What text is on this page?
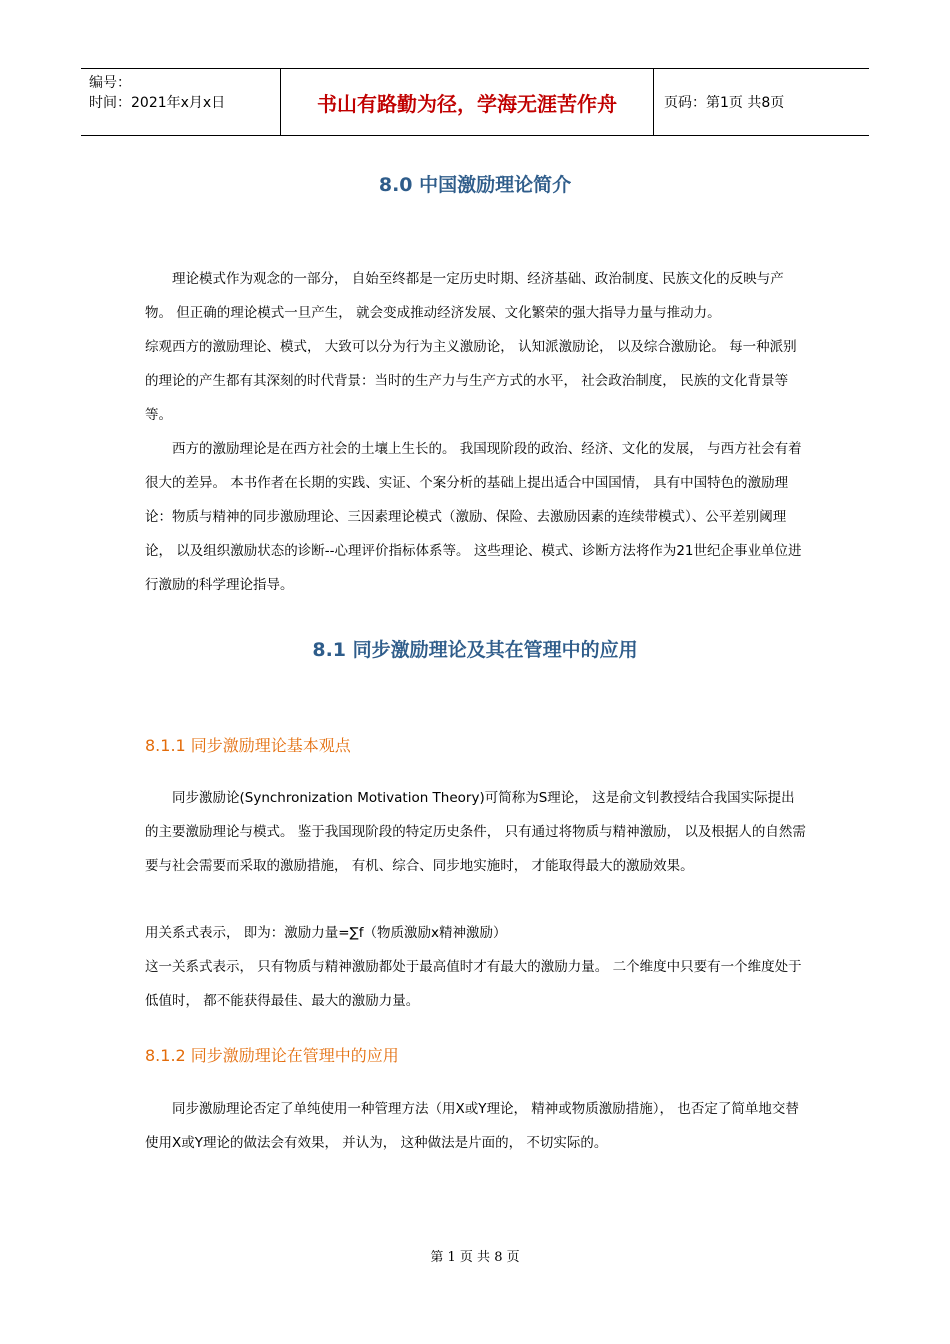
编号：
时间：2021年x月x日	书山有路勤为径，学海无涯苦作舟	页码：第1页 共8页
8.0 中国激励理论简介

理论模式作为观念的一部分， 自始至终都是一定历史时期、经济基础、政治制度、民族文化的反映与产物。 但正确的理论模式一旦产生， 就会变成推动经济发展、文化繁荣的强大指导力量与推动力。

综观西方的激励理论、模式， 大致可以分为行为主义激励论， 认知派激励论， 以及综合激励论。 每一种派别的理论的产生都有其深刻的时代背景：当时的生产力与生产方式的水平， 社会政治制度， 民族的文化背景等等。

西方的激励理论是在西方社会的土壤上生长的。 我国现阶段的政治、经济、文化的发展， 与西方社会有着很大的差异。 本书作者在长期的实践、实证、个案分析的基础上提出适合中国国情， 具有中国特色的激励理论：物质与精神的同步激励理论、三因素理论模式（激励、保险、去激励因素的连续带模式）、公平差别阈理论， 以及组织激励状态的诊断--心理评价指标体系等。 这些理论、模式、诊断方法将作为21世纪企事业单位进行激励的科学理论指导。

8.1 同步激励理论及其在管理中的应用
8.1.1 同步激励理论基本观点

同步激励论(Synchronization Motivation Theory)可简称为S理论， 这是俞文钊教授结合我国实际提出的主要激励理论与模式。 鉴于我国现阶段的特定历史条件， 只有通过将物质与精神激励， 以及根据人的自然需要与社会需要而采取的激励措施， 有机、综合、同步地实施时， 才能取得最大的激励效果。

用关系式表示， 即为：激励力量=∑f（物质激励x精神激励）

这一关系式表示， 只有物质与精神激励都处于最高值时才有最大的激励力量。 二个维度中只要有一个维度处于低值时， 都不能获得最佳、最大的激励力量。

8.1.2 同步激励理论在管理中的应用

同步激励理论否定了单纯使用一种管理方法（用X或Y理论， 精神或物质激励措施）， 也否定了简单地交替使用X或Y理论的做法会有效果， 并认为， 这种做法是片面的， 不切实际的。

第 1 页 共 8 页
